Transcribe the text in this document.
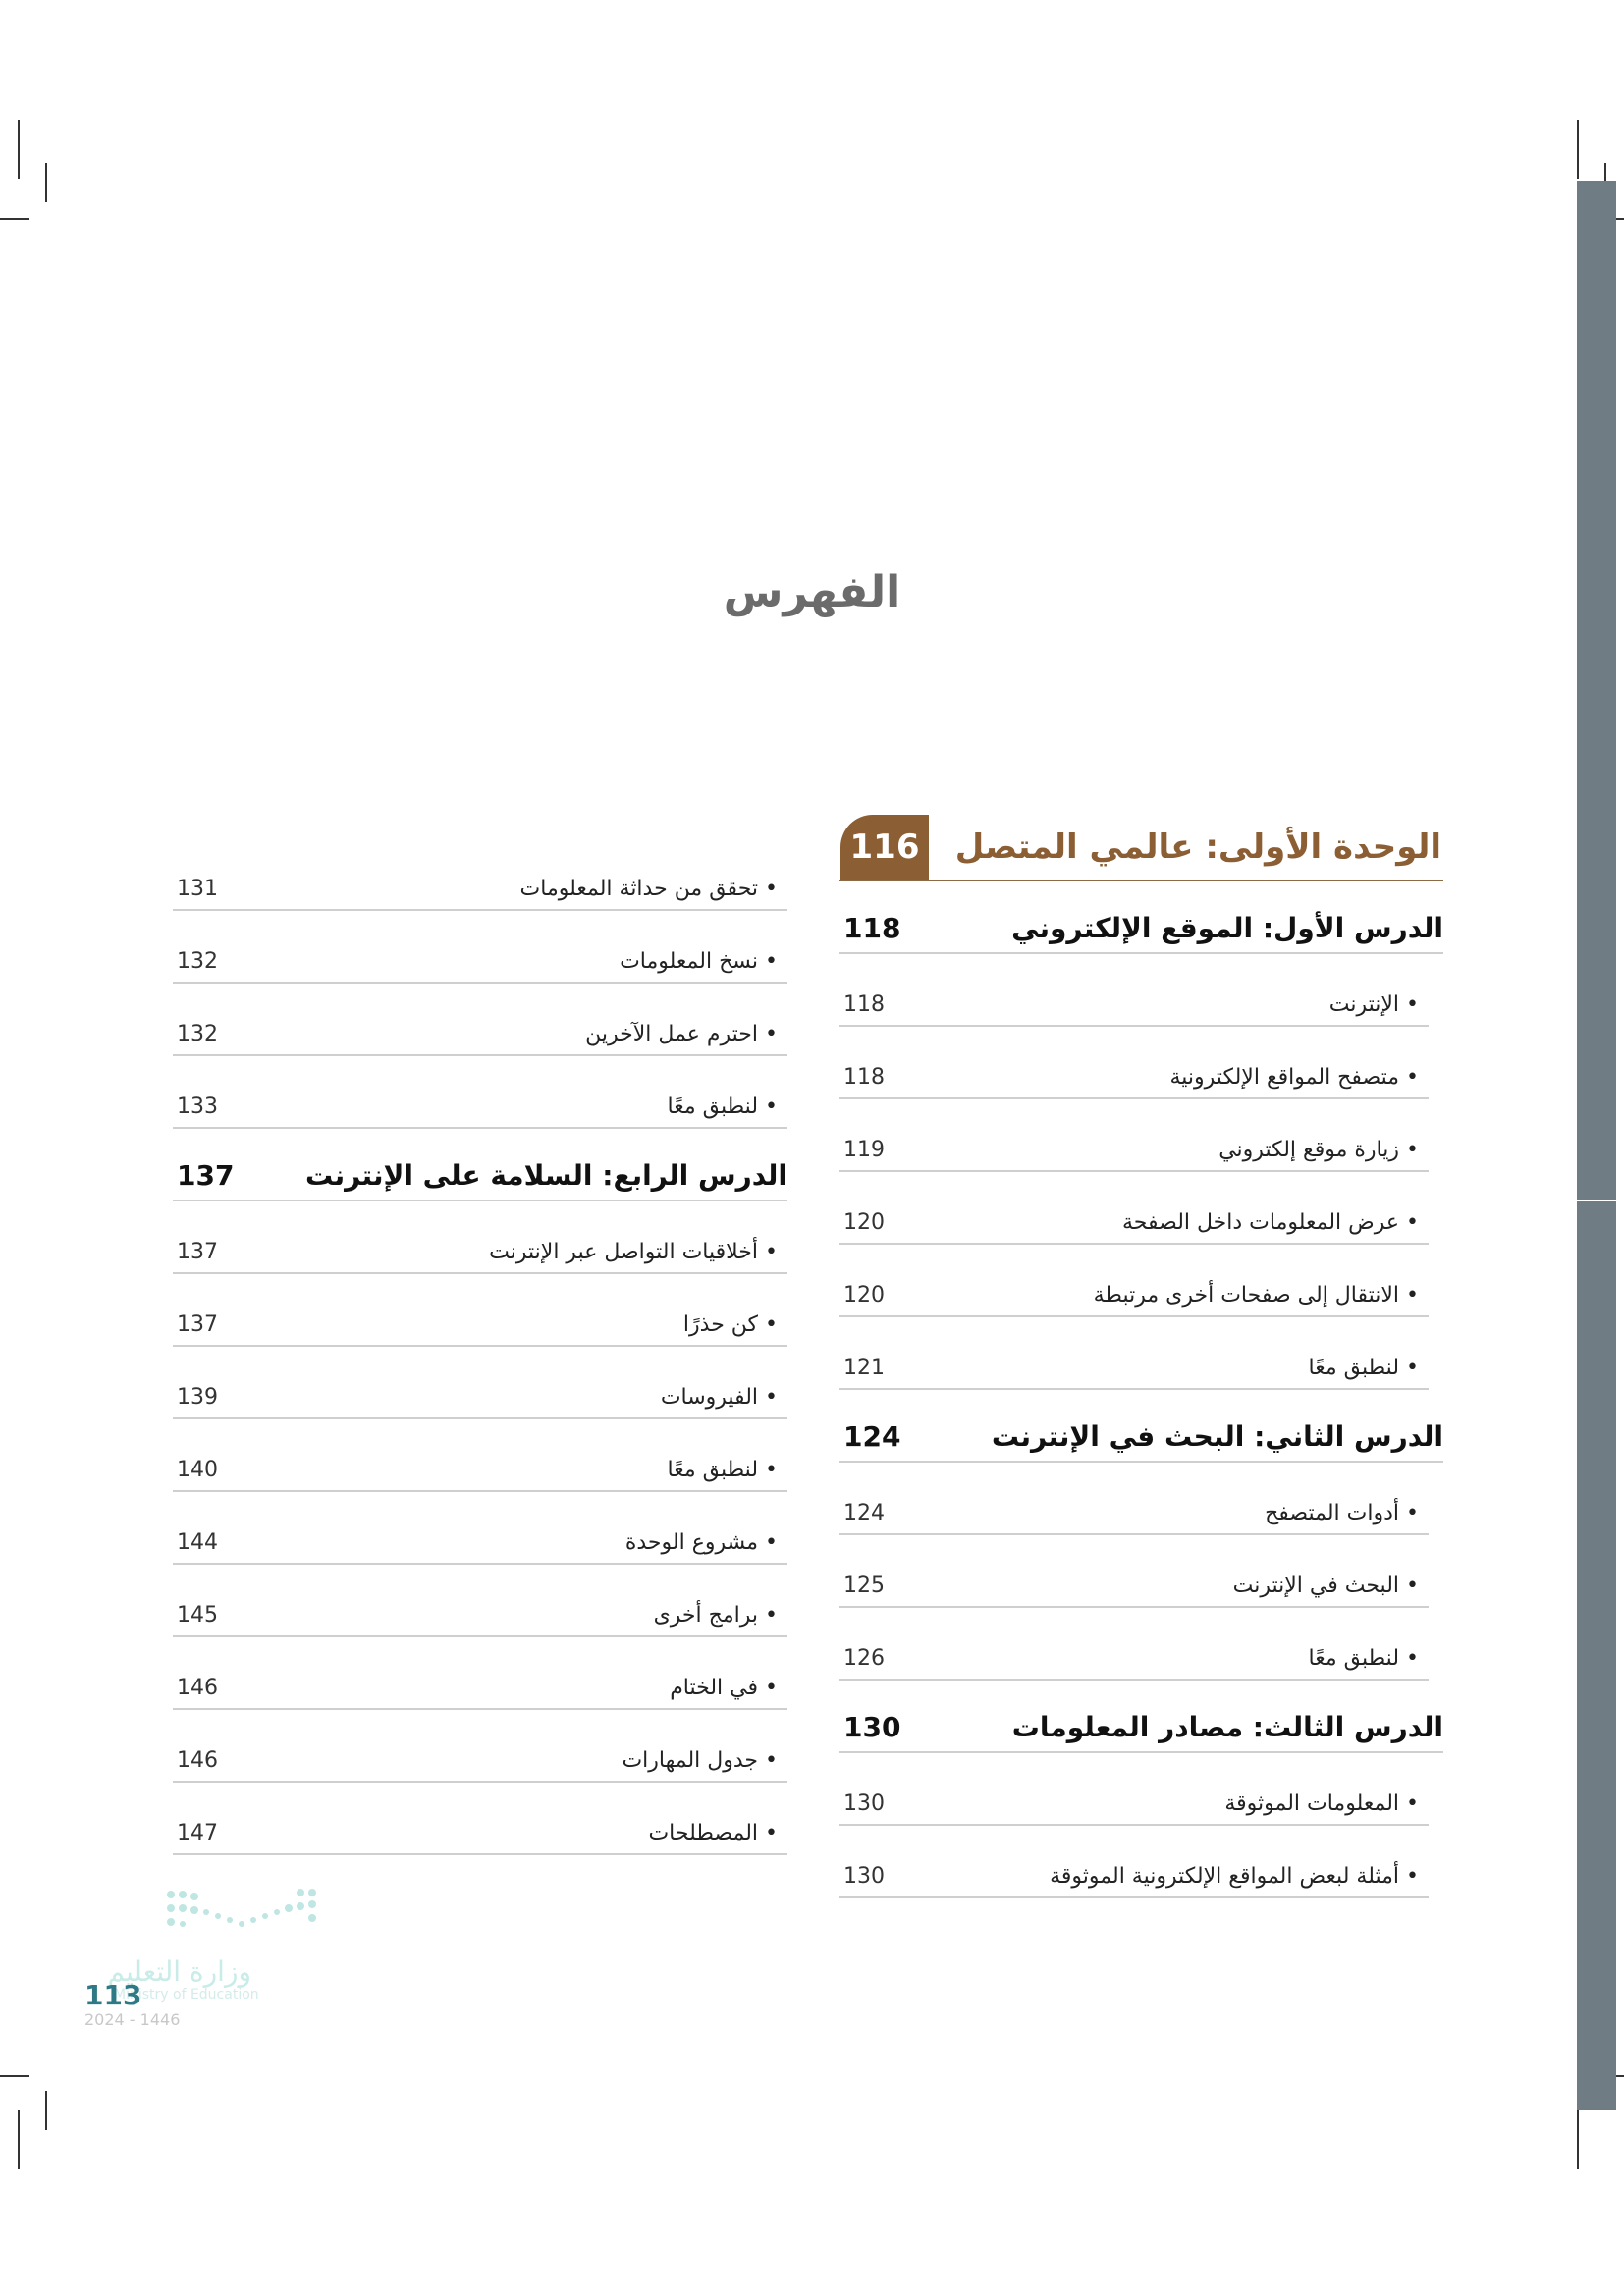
الفهرس
الوحدة الأولى: عالمي المتصل
116
الدرس الأول: الموقع الإلكتروني
118
• الإنترنت
118
• متصفح المواقع الإلكترونية
118
• زيارة موقع إلكتروني
119
• عرض المعلومات داخل الصفحة
120
• الانتقال إلى صفحات أخرى مرتبطة
120
• لنطبق معًا
121
الدرس الثاني: البحث في الإنترنت
124
• أدوات المتصفح
124
• البحث في الإنترنت
125
• لنطبق معًا
126
الدرس الثالث: مصادر المعلومات
130
• المعلومات الموثوقة
130
• أمثلة لبعض المواقع الإلكترونية الموثوقة
130
• تحقق من حداثة المعلومات
131
• نسخ المعلومات
132
• احترم عمل الآخرين
132
• لنطبق معًا
133
الدرس الرابع: السلامة على الإنترنت
137
• أخلاقيات التواصل عبر الإنترنت
137
• كن حذرًا
137
• الفيروسات
139
• لنطبق معًا
140
• مشروع الوحدة
144
• برامج أخرى
145
• في الختام
146
• جدول المهارات
146
• المصطلحات
147
وزارة التعليم
Ministry of Education
113
2024 - 1446
